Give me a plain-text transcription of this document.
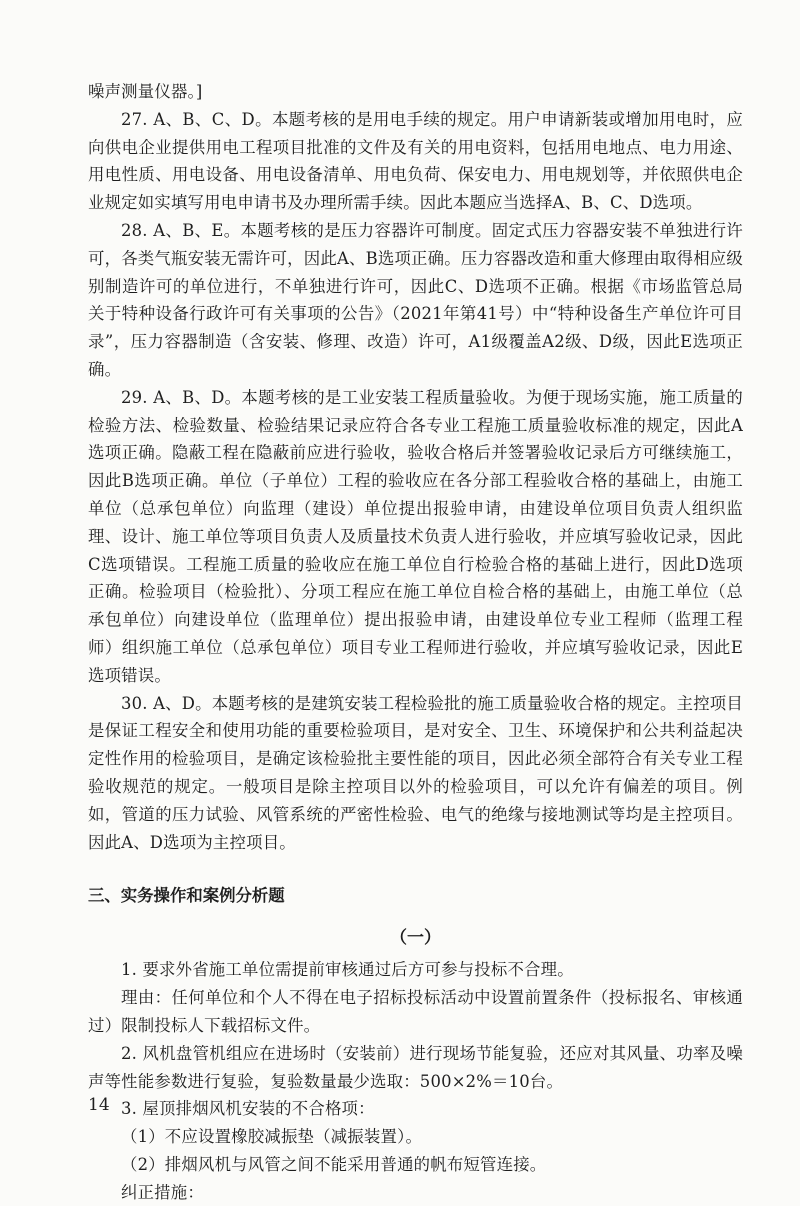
噪声测量仪器。]

27. A、B、C、D。本题考核的是用电手续的规定。用户申请新装或增加用电时，应向供电企业提供用电工程项目批准的文件及有关的用电资料，包括用电地点、电力用途、用电性质、用电设备、用电设备清单、用电负荷、保安电力、用电规划等，并依照供电企业规定如实填写用电申请书及办理所需手续。因此本题应当选择A、B、C、D选项。

28. A、B、E。本题考核的是压力容器许可制度。固定式压力容器安装不单独进行许可，各类气瓶安装无需许可，因此A、B选项正确。压力容器改造和重大修理由取得相应级别制造许可的单位进行，不单独进行许可，因此C、D选项不正确。根据《市场监管总局关于特种设备行政许可有关事项的公告》（2021年第41号）中“特种设备生产单位许可目录”，压力容器制造（含安装、修理、改造）许可，A1级覆盖A2级、D级，因此E选项正确。

29. A、B、D。本题考核的是工业安装工程质量验收。为便于现场实施，施工质量的检验方法、检验数量、检验结果记录应符合各专业工程施工质量验收标准的规定，因此A选项正确。隐蔽工程在隐蔽前应进行验收，验收合格后并签署验收记录后方可继续施工，因此B选项正确。单位（子单位）工程的验收应在各分部工程验收合格的基础上，由施工单位（总承包单位）向监理（建设）单位提出报验申请，由建设单位项目负责人组织监理、设计、施工单位等项目负责人及质量技术负责人进行验收，并应填写验收记录，因此C选项错误。工程施工质量的验收应在施工单位自行检验合格的基础上进行，因此D选项正确。检验项目（检验批）、分项工程应在施工单位自检合格的基础上，由施工单位（总承包单位）向建设单位（监理单位）提出报验申请，由建设单位专业工程师（监理工程师）组织施工单位（总承包单位）项目专业工程师进行验收，并应填写验收记录，因此E选项错误。

30. A、D。本题考核的是建筑安装工程检验批的施工质量验收合格的规定。主控项目是保证工程安全和使用功能的重要检验项目，是对安全、卫生、环境保护和公共利益起决定性作用的检验项目，是确定该检验批主要性能的项目，因此必须全部符合有关专业工程验收规范的规定。一般项目是除主控项目以外的检验项目，可以允许有偏差的项目。例如，管道的压力试验、风管系统的严密性检验、电气的绝缘与接地测试等均是主控项目。因此A、D选项为主控项目。

三、实务操作和案例分析题

（一）

1. 要求外省施工单位需提前审核通过后方可参与投标不合理。

理由：任何单位和个人不得在电子招标投标活动中设置前置条件（投标报名、审核通过）限制投标人下载招标文件。

2. 风机盘管机组应在进场时（安装前）进行现场节能复验，还应对其风量、功率及噪声等性能参数进行复验，复验数量最少选取：500×2%＝10台。

3. 屋顶排烟风机安装的不合格项：

（1）不应设置橡胶减振垫（减振装置）。

（2）排烟风机与风管之间不能采用普通的帆布短管连接。

纠正措施：

14
